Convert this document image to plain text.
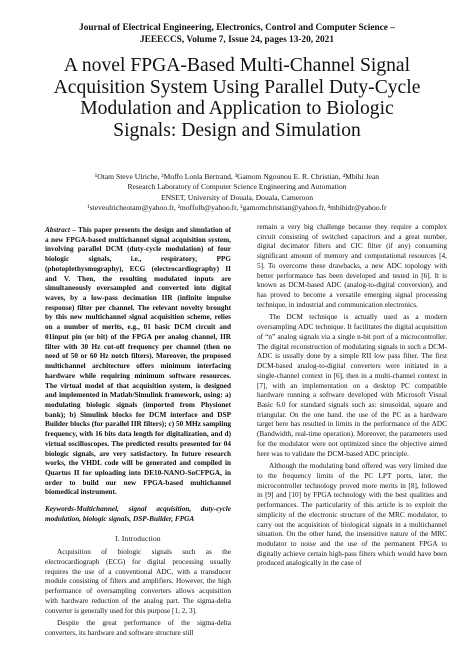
Journal of Electrical Engineering, Electronics, Control and Computer Science –
JEEECCS, Volume 7, Issue 24, pages 13-20, 2021
A novel FPGA-Based Multi-Channel Signal
Acquisition System Using Parallel Duty-Cycle
Modulation and Application to Biologic
Signals: Design and Simulation
¹Otam Steve Ulriche, ²Moffo Lonla Bertrand, ³Gamom Ngounou E. R. Christian, ⁴Mbihi Jean
Research Laboratory of Computer Science Engineering and Automation
ENSET, University of Douala, Douala, Cameroon
¹steveulricheotam@yahoo.fr, ²moffolb@yahoo.fr, ³gamomchristian@yahoo.fr, ⁴mbihidr@yahoo.fr

Abstract – This paper presents the design and simulation of a new FPGA-based multichannel signal acquisition system, involving parallel DCM (duty-cycle modulation) of four biologic signals, i.e., respiratory, PPG (photoplethysmography), ECG (electrocardiography) II and V. Then, the resulting modulated inputs are simultaneously oversampled and converted into digital waves, by a low-pass decimation IIR (infinite impulse response) filter per channel. The relevant novelty brought by this new multichannel signal acquisition scheme, relies on a number of merits, e.g., 01 basic DCM circuit and 01input pin (or bit) of the FPGA per analog channel, IIR filter with 30 Hz cut-off frequency per channel (then no need of 50 or 60 Hz notch filters). Moreover, the proposed multichannel architecture offers minimum interfacing hardware while requiring minimum software resources. The virtual model of that acquisition system, is designed and implemented in Matlab/Simulink framework, using: a) modulating biologic signals (imported from Physionet bank); b) Simulink blocks for DCM interface and DSP Builder blocks (for parallel IIR filters); c) 50 MHz sampling frequency, with 16 bits data length for digitalization, and d) virtual oscilloscopes. The predicted results presented for 04 biologic signals, are very satisfactory. In future research works, the VHDL code will be generated and compiled in Quartus II for uploading into DE10-NANO-SoCFPGA, in order to build our new FPGA-based multichannel biomedical instrument.

Keywords-Multichannel, signal acquisition, duty-cycle modulation, biologic signals, DSP-Builder, FPGA

I. Introduction

Acquisition of biologic signals such as the electrocardiograph (ECG) for digital processing usually requires the use of a conventional ADC, with a transducer module consisting of filters and amplifiers. However, the high performance of oversampling converters allows acquisition with hardware reduction of the analog part. The sigma-delta converter is generally used for this purpose [1, 2, 3].

Despite the great performance of the sigma-delta converters, its hardware and software structure still

remain a very big challenge because they require a complex circuit consisting of switched capacitors and a great number, digital decimator filters and CIC filter (if any) consuming significant amount of memory and computational resources [4, 5]. To overcome these drawbacks, a new ADC topology with better performance has been developed and tested in [6]. It is known as DCM-based ADC (analog-to-digital conversion), and has proved to become a versatile emerging signal processing technique, in industrial and communication electronics.

The DCM technique is actually used as a modern oversampling ADC technique. It facilitates the digital acquisition of “n” analog signals via a single n-bit port of a microcontroller. The digital reconstruction of modulating signals in such a DCM-ADC is usually done by a simple RII low pass filter. The first DCM-based analog-to-digital converters were initiated in a single-channel context in [6], then in a multi-channel context in [7], with an implementation on a desktop PC compatible hardware running a software developed with Microsoft Visual Basic 6.0 for standard signals such as: sinusoidal, square and triangular. On the one hand. the use of the PC as a hardware target here has resulted in limits in the performance of the ADC (Bandwidth, real-time operation). Moreover, the parameters used for the modulator were not optimized since the objective aimed here was to validate the DCM-based ADC principle.

Although the modulating band offered was very limited due to the frequency limits of the PC LPT ports, later, the microcontroller technology proved more merits in [8], followed in [9] and [10] by FPGA technology with the best qualities and performances. The particularity of this article is to exploit the simplicity of the electronic structure of the MRC modulator, to carry out the acquisition of biological signals in a multichannel situation. On the other hand, the insensitive nature of the MRC modulator to noise and the use of the permanent FPGA to digitally achieve certain high-pass filters which would have been produced analogically in the case of
